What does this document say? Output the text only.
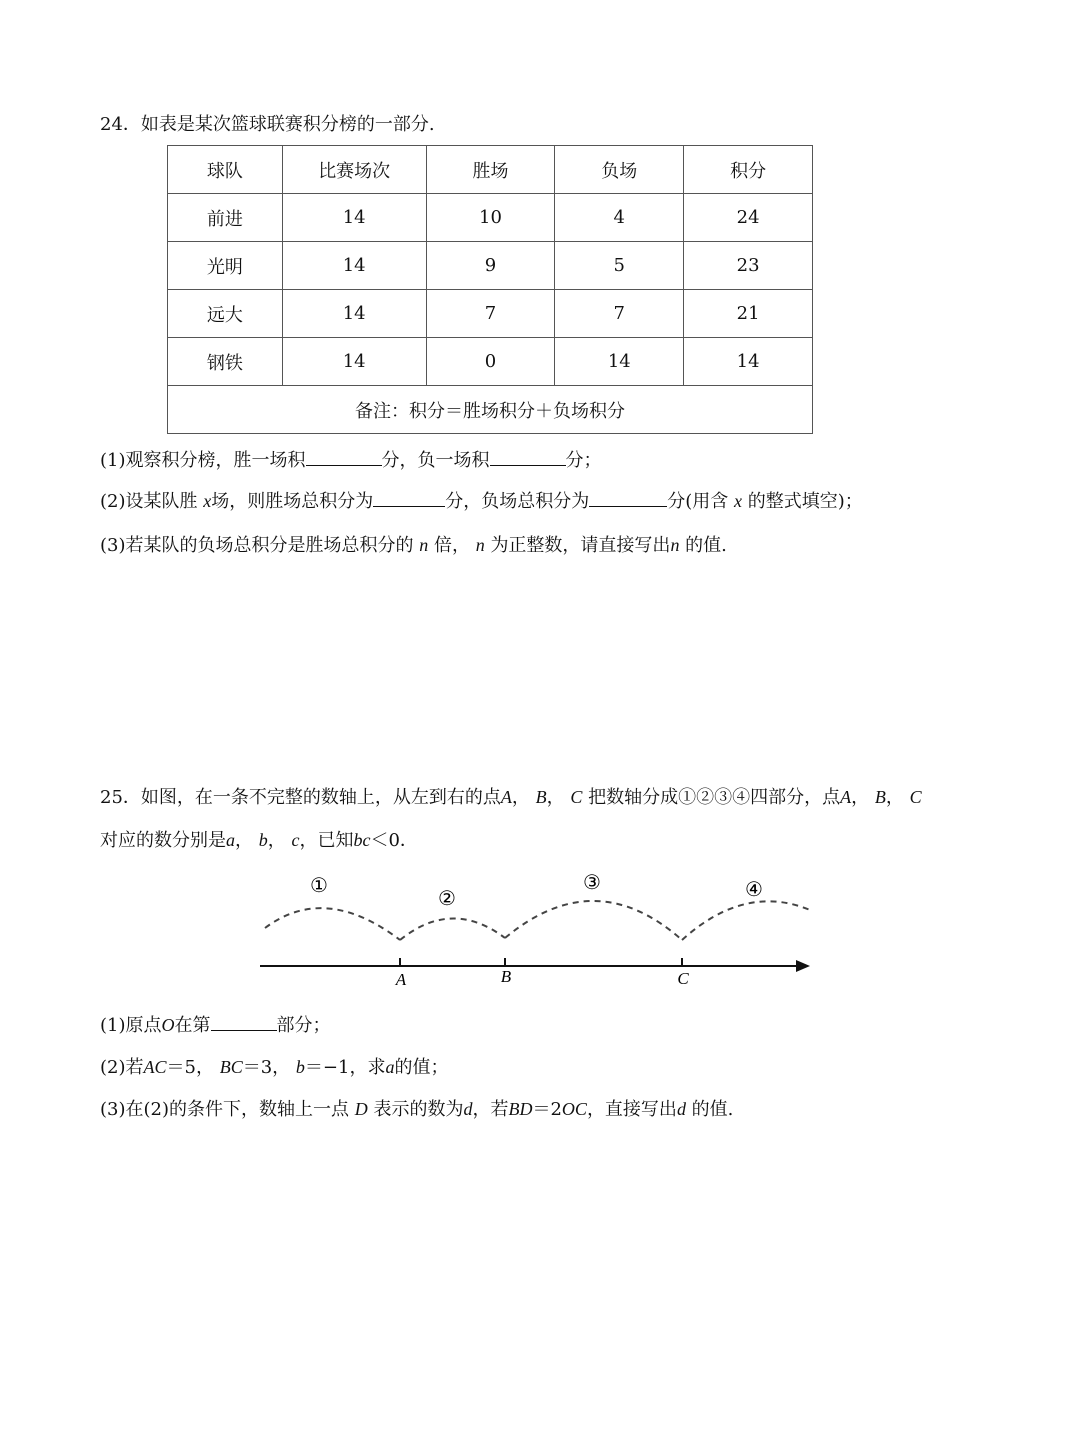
24．如表是某次篮球联赛积分榜的一部分.
球队	比赛场次	胜场	负场	积分
前进	14	10	4	24
光明	14	9	5	23
远大	14	7	7	21
钢铁	14	0	14	14
备注：积分＝胜场积分＋负场积分				
(1)观察积分榜，胜一场积	分，负一场积	分；
(2)设某队胜 x场，则胜场总积分为	分，负场总积分为	分(用含 x 的整式填空)；
(3)若某队的负场总积分是胜场总积分的 n 倍， n 为正整数，请直接写出n 的值.
25．如图，在一条不完整的数轴上，从左到右的点A， B， C 把数轴分成①②③④四部分，点A， B， C
对应的数分别是a， b， c，已知bc＜0．
①
②
③	④
A	B	C
(1)原点O在第	部分；
(2)若AC＝5， BC＝3， b＝−1，求a的值；
(3)在(2)的条件下，数轴上一点 D 表示的数为d，若BD＝2OC，直接写出d 的值.
